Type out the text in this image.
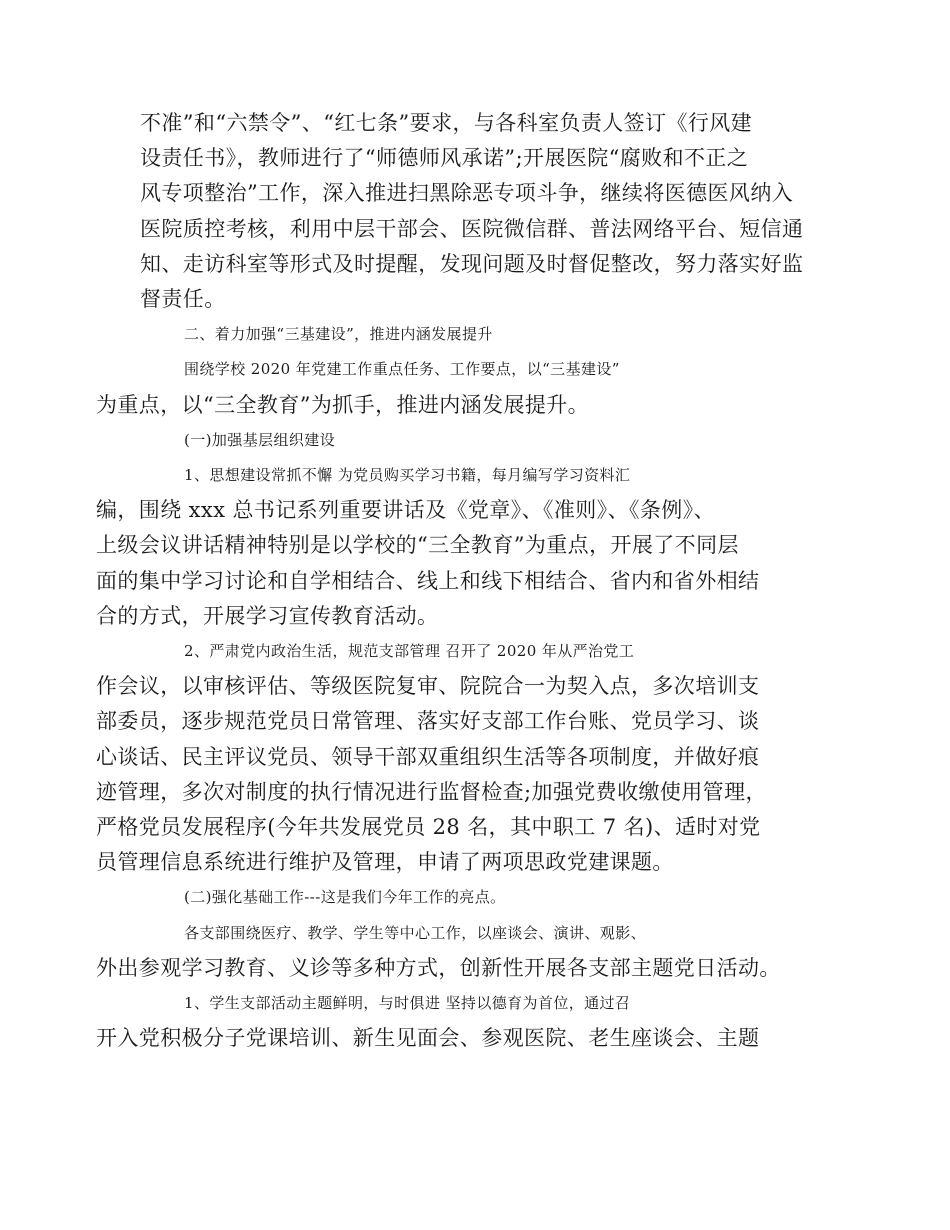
不准”和“六禁令”、“红七条”要求，与各科室负责人签订《行风建
设责任书》，教师进行了“师德师风承诺”;开展医院“腐败和不正之
风专项整治”工作，深入推进扫黑除恶专项斗争，继续将医德医风纳入
医院质控考核，利用中层干部会、医院微信群、普法网络平台、短信通
知、走访科室等形式及时提醒，发现问题及时督促整改，努力落实好监
督责任。

二、着力加强“三基建设”，推进内涵发展提升

围绕学校 2020 年党建工作重点任务、工作要点，以“三基建设”
为重点，以“三全教育”为抓手，推进内涵发展提升。

(一)加强基层组织建设

1、思想建设常抓不懈 为党员购买学习书籍，每月编写学习资料汇
编，围绕 xxx 总书记系列重要讲话及《党章》、《准则》、《条例》、
上级会议讲话精神特别是以学校的“三全教育”为重点，开展了不同层
面的集中学习讨论和自学相结合、线上和线下相结合、省内和省外相结
合的方式，开展学习宣传教育活动。

2、严肃党内政治生活，规范支部管理 召开了 2020 年从严治党工
作会议，以审核评估、等级医院复审、院院合一为契入点，多次培训支
部委员，逐步规范党员日常管理、落实好支部工作台账、党员学习、谈
心谈话、民主评议党员、领导干部双重组织生活等各项制度，并做好痕
迹管理，多次对制度的执行情况进行监督检查;加强党费收缴使用管理，
严格党员发展程序(今年共发展党员 28 名，其中职工 7 名)、适时对党
员管理信息系统进行维护及管理，申请了两项思政党建课题。

(二)强化基础工作---这是我们今年工作的亮点。

各支部围绕医疗、教学、学生等中心工作，以座谈会、演讲、观影、
外出参观学习教育、义诊等多种方式，创新性开展各支部主题党日活动。

1、学生支部活动主题鲜明，与时俱进 坚持以德育为首位，通过召
开入党积极分子党课培训、新生见面会、参观医院、老生座谈会、主题
